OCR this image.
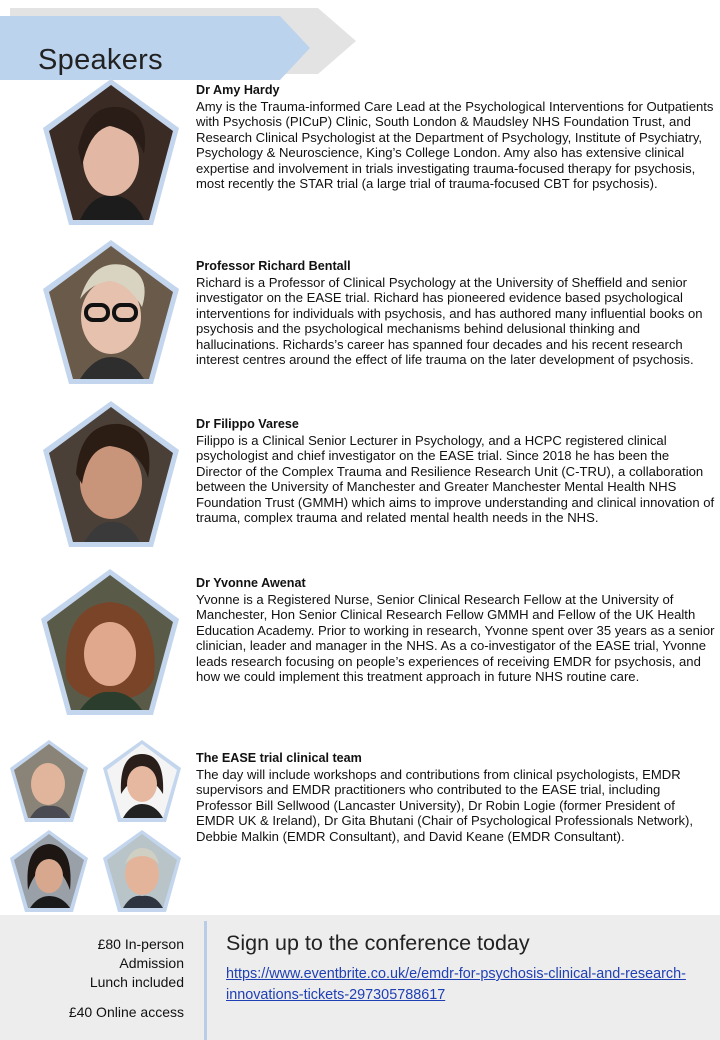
Speakers
Dr Amy Hardy

Amy is the Trauma-informed Care Lead at the Psychological Interventions for Outpatients with Psychosis (PICuP) Clinic, South London & Maudsley NHS Foundation Trust, and Research Clinical Psychologist at the Department of Psychology, Institute of Psychiatry, Psychology & Neuroscience, King’s College London. Amy also has extensive clinical expertise and involvement in trials investigating trauma-focused therapy for psychosis, most recently the STAR trial (a large trial of trauma-focused CBT for psychosis).

Professor Richard Bentall

Richard is a Professor of Clinical Psychology at the University of Sheffield and senior investigator on the EASE trial. Richard has pioneered evidence based psychological interventions for individuals with psychosis, and has authored many influential books on psychosis and the psychological mechanisms behind delusional thinking and hallucinations. Richards’s career has spanned four decades and his recent research interest centres around the effect of life trauma on the later development of psychosis.

Dr Filippo Varese

Filippo is a Clinical Senior Lecturer in Psychology, and a HCPC registered clinical psychologist and chief investigator on the EASE trial. Since 2018 he has been the Director of the Complex Trauma and Resilience Research Unit (C-TRU), a collaboration between the University of Manchester and Greater Manchester Mental Health NHS Foundation Trust (GMMH) which aims to improve understanding and clinical innovation of trauma, complex trauma and related mental health needs in the NHS.

Dr Yvonne Awenat

Yvonne is a Registered Nurse, Senior Clinical Research Fellow at the University of Manchester, Hon Senior Clinical Research Fellow GMMH and Fellow of the UK Health Education Academy. Prior to working in research, Yvonne spent over 35 years as a senior clinician, leader and manager in the NHS. As a co-investigator of the EASE trial, Yvonne leads research focusing on people’s experiences of receiving EMDR for psychosis, and how we could implement this treatment approach in future NHS routine care.

The EASE trial clinical team

The day will include workshops and contributions from clinical psychologists, EMDR supervisors and EMDR practitioners who contributed to the EASE trial, including Professor Bill Sellwood (Lancaster University), Dr Robin Logie (former President of EMDR UK & Ireland), Dr Gita Bhutani (Chair of Psychological Professionals Network), Debbie Malkin (EMDR Consultant), and David Keane (EMDR Consultant).

£80 In-person
Admission
Lunch included
£40 Online access
Sign up to the conference today
https://www.eventbrite.co.uk/e/emdr-for-psychosis-clinical-and-research-innovations-tickets-297305788617
